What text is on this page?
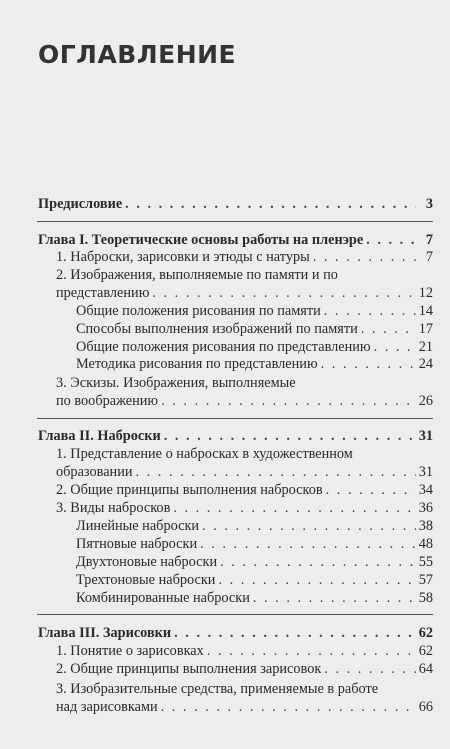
ОГЛАВЛЕНИЕ
Предисловие . . .	3
Глава I. Теоретические основы работы на пленэре . . .	7
1. Наброски, зарисовки и этюды с натуры . . .	7
2. Изображения, выполняемые по памяти и по
представлению . . .	12
Общие положения рисования по памяти . . .	14
Способы выполнения изображений по памяти . . .	17
Общие положения рисования по представлению . . .	21
Методика рисования по представлению . . .	24
3. Эскизы. Изображения, выполняемые
по воображению . . .	26
Глава II. Наброски . . .	31
1. Представление о набросках в художественном
образовании . . .	31
2. Общие принципы выполнения набросков . . .	34
3. Виды набросков . . .	36
Линейные наброски . . .	38
Пятновые наброски . . .	48
Двухтоновые наброски . . .	55
Трехтоновые наброски . . .	57
Комбинированные наброски . . .	58
Глава III. Зарисовки . . .	62
1. Понятие о зарисовках . . .	62
2. Общие принципы выполнения зарисовок . . .	64
3. Изобразительные средства, применяемые в работе
над зарисовками . . .	66
